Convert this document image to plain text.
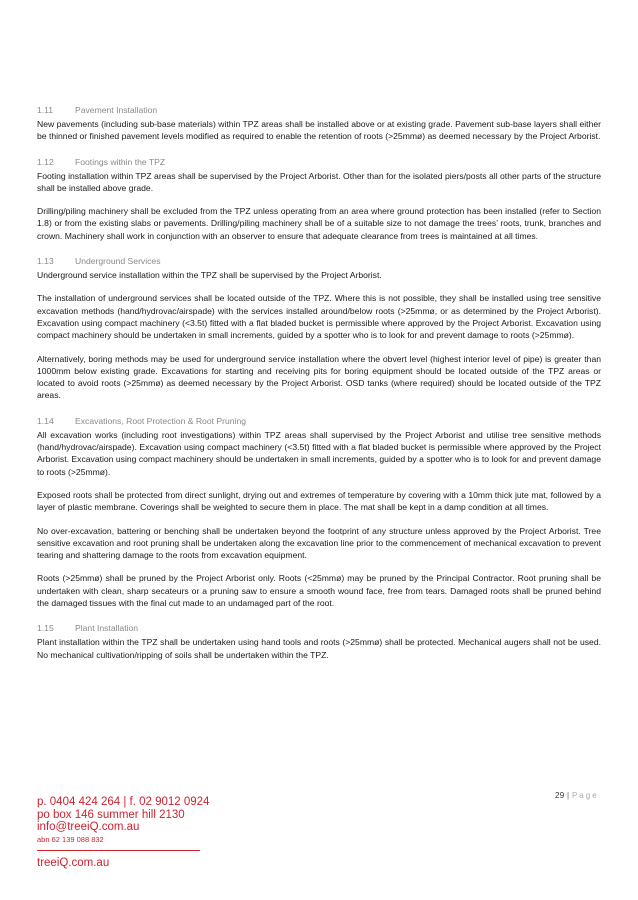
1.11	Pavement Installation

New pavements (including sub-base materials) within TPZ areas shall be installed above or at existing grade. Pavement sub-base layers shall either be thinned or finished pavement levels modified as required to enable the retention of roots (>25mmø) as deemed necessary by the Project Arborist.

1.12 Footings within the TPZ

Footing installation within TPZ areas shall be supervised by the Project Arborist. Other than for the isolated piers/posts all other parts of the structure shall be installed above grade.

Drilling/piling machinery shall be excluded from the TPZ unless operating from an area where ground protection has been installed (refer to Section 1.8) or from the existing slabs or pavements. Drilling/piling machinery shall be of a suitable size to not damage the trees’ roots, trunk, branches and crown. Machinery shall work in conjunction with an observer to ensure that adequate clearance from trees is maintained at all times.

1.13 Underground Services

Underground service installation within the TPZ shall be supervised by the Project Arborist.

The installation of underground services shall be located outside of the TPZ. Where this is not possible, they shall be installed using tree sensitive excavation methods (hand/hydrovac/airspade) with the services installed around/below roots (>25mmø, or as determined by the Project Arborist). Excavation using compact machinery (<3.5t) fitted with a flat bladed bucket is permissible where approved by the Project Arborist. Excavation using compact machinery should be undertaken in small increments, guided by a spotter who is to look for and prevent damage to roots (>25mmø).

Alternatively, boring methods may be used for underground service installation where the obvert level (highest interior level of pipe) is greater than 1000mm below existing grade. Excavations for starting and receiving pits for boring equipment should be located outside of the TPZ areas or located to avoid roots (>25mmø) as deemed necessary by the Project Arborist. OSD tanks (where required) should be located outside of the TPZ areas.

1.14 Excavations, Root Protection & Root Pruning

All excavation works (including root investigations) within TPZ areas shall supervised by the Project Arborist and utilise tree sensitive methods (hand/hydrovac/airspade). Excavation using compact machinery (<3.5t) fitted with a flat bladed bucket is permissible where approved by the Project Arborist. Excavation using compact machinery should be undertaken in small increments, guided by a spotter who is to look for and prevent damage to roots (>25mmø).

Exposed roots shall be protected from direct sunlight, drying out and extremes of temperature by covering with a 10mm thick jute mat, followed by a layer of plastic membrane. Coverings shall be weighted to secure them in place. The mat shall be kept in a damp condition at all times.

No over-excavation, battering or benching shall be undertaken beyond the footprint of any structure unless approved by the Project Arborist. Tree sensitive excavation and root pruning shall be undertaken along the excavation line prior to the commencement of mechanical excavation to prevent tearing and shattering damage to the roots from excavation equipment.

Roots (>25mmø) shall be pruned by the Project Arborist only. Roots (<25mmø) may be pruned by the Principal Contractor. Root pruning shall be undertaken with clean, sharp secateurs or a pruning saw to ensure a smooth wound face, free from tears. Damaged roots shall be pruned behind the damaged tissues with the final cut made to an undamaged part of the root.

1.15 Plant Installation

Plant installation within the TPZ shall be undertaken using hand tools and roots (>25mmø) shall be protected. Mechanical augers shall not be used. No mechanical cultivation/ripping of soils shall be undertaken within the TPZ.

29 | Page
p. 0404 424 264 | f. 02 9012 0924
po box 146 summer hill 2130
info@treeiQ.com.au
abn 62 139 088 832
treeiQ.com.au
